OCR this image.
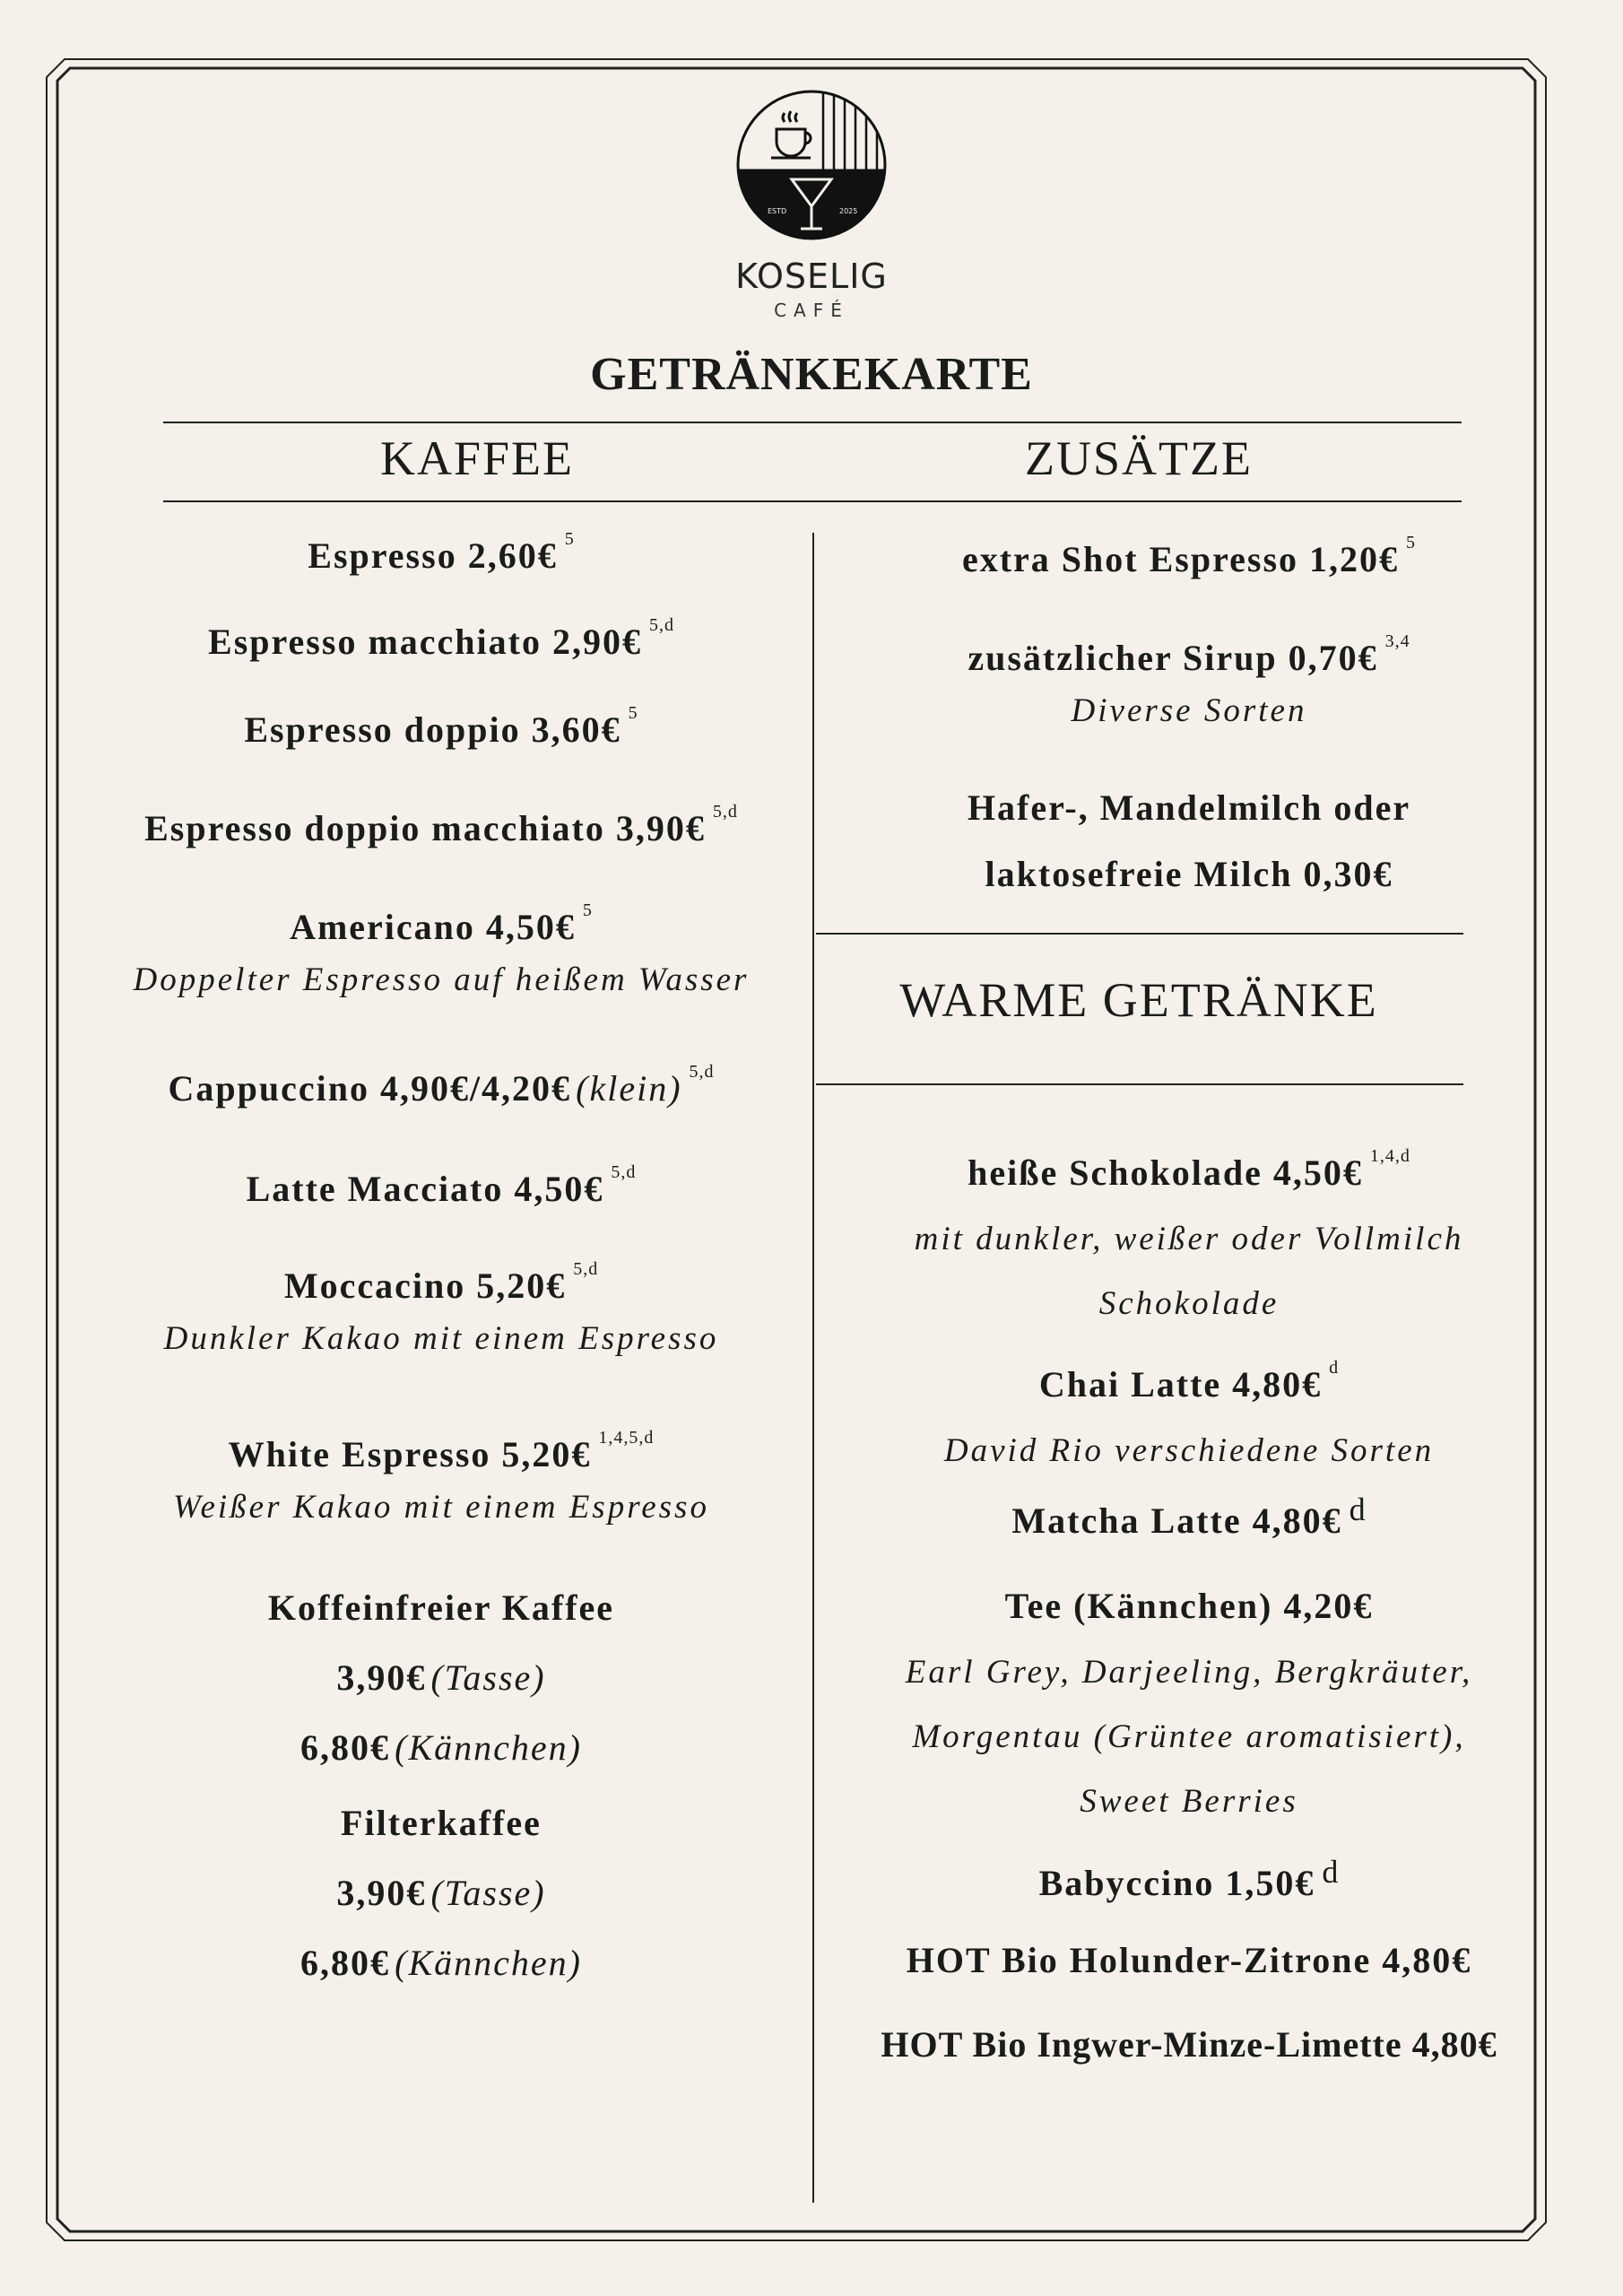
ESTD	2025
KOSELIG
CAFÉ
GETRÄNKEKARTE
KAFFEE	ZUSÄTZE
Espresso 2,60€ 5
Espresso macchiato 2,90€ 5,d
Espresso doppio 3,60€ 5
Espresso doppio macchiato 3,90€ 5,d
Americano 4,50€ 5
Doppelter Espresso auf heißem Wasser
Cappuccino 4,90€/4,20€ (klein) 5,d
Latte Macciato 4,50€ 5,d
Moccacino 5,20€ 5,d
Dunkler Kakao mit einem Espresso
White Espresso 5,20€ 1,4,5,d
Weißer Kakao mit einem Espresso
Koffeinfreier Kaffee
3,90€ (Tasse)
6,80€ (Kännchen)
Filterkaffee
3,90€ (Tasse)
6,80€ (Kännchen)
extra Shot Espresso 1,20€ 5
zusätzlicher Sirup 0,70€ 3,4
Diverse Sorten
Hafer-, Mandelmilch oder
laktosefreie Milch 0,30€
WARME GETRÄNKE
heiße Schokolade 4,50€ 1,4,d
mit dunkler, weißer oder Vollmilch
Schokolade
Chai Latte 4,80€ d
David Rio verschiedene Sorten
Matcha Latte 4,80€ d
Tee (Kännchen) 4,20€
Earl Grey, Darjeeling, Bergkräuter,
Morgentau (Grüntee aromatisiert),
Sweet Berries
Babyccino 1,50€ d
HOT Bio Holunder-Zitrone 4,80€
HOT Bio Ingwer-Minze-Limette 4,80€
